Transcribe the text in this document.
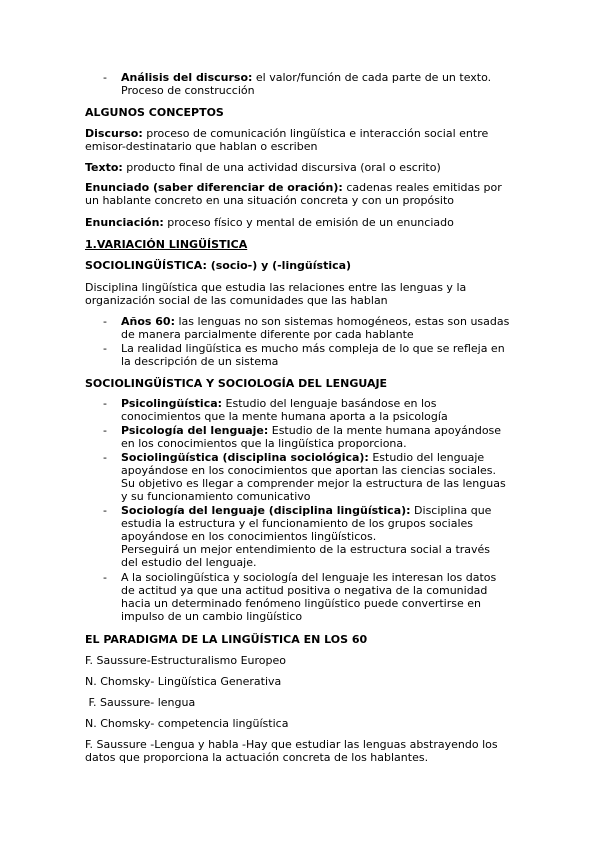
- Análisis del discurso: el valor/función de cada parte de un texto.

Proceso de construcción

ALGUNOS CONCEPTOS

Discurso: proceso de comunicación lingüística e interacción social entre

emisor-destinatario que hablan o escriben

Texto: producto final de una actividad discursiva (oral o escrito)

Enunciado (saber diferenciar de oración): cadenas reales emitidas por

un hablante concreto en una situación concreta y con un propósito

Enunciación: proceso físico y mental de emisión de un enunciado

1.VARIACIÓN LINGÜÍSTICA

SOCIOLINGÜÍSTICA: (socio-) y (-lingüística)

Disciplina lingüística que estudia las relaciones entre las lenguas y la

organización social de las comunidades que las hablan

- Años 60: las lenguas no son sistemas homogéneos, estas son usadas

de manera parcialmente diferente por cada hablante

- La realidad lingüística es mucho más compleja de lo que se refleja en

la descripción de un sistema

SOCIOLINGÜÍSTICA Y SOCIOLOGÍA DEL LENGUAJE

- Psicolingüística: Estudio del lenguaje basándose en los

conocimientos que la mente humana aporta a la psicología

- Psicología del lenguaje: Estudio de la mente humana apoyándose

en los conocimientos que la lingüística proporciona.

- Sociolingüística (disciplina sociológica): Estudio del lenguaje

apoyándose en los conocimientos que aportan las ciencias sociales.

Su objetivo es llegar a comprender mejor la estructura de las lenguas

y su funcionamiento comunicativo

- Sociología del lenguaje (disciplina lingüística): Disciplina que

estudia la estructura y el funcionamiento de los grupos sociales

apoyándose en los conocimientos lingüísticos.

Perseguirá un mejor entendimiento de la estructura social a través

del estudio del lenguaje.

- A la sociolingüística y sociología del lenguaje les interesan los datos

de actitud ya que una actitud positiva o negativa de la comunidad

hacia un determinado fenómeno lingüístico puede convertirse en

impulso de un cambio lingüístico

EL PARADIGMA DE LA LINGÜÍSTICA EN LOS 60

F. Saussure-Estructuralismo Europeo

N. Chomsky- Lingüística Generativa

F. Saussure- lengua

N. Chomsky- competencia lingüística

F. Saussure -Lengua y habla -Hay que estudiar las lenguas abstrayendo los

datos que proporciona la actuación concreta de los hablantes.
